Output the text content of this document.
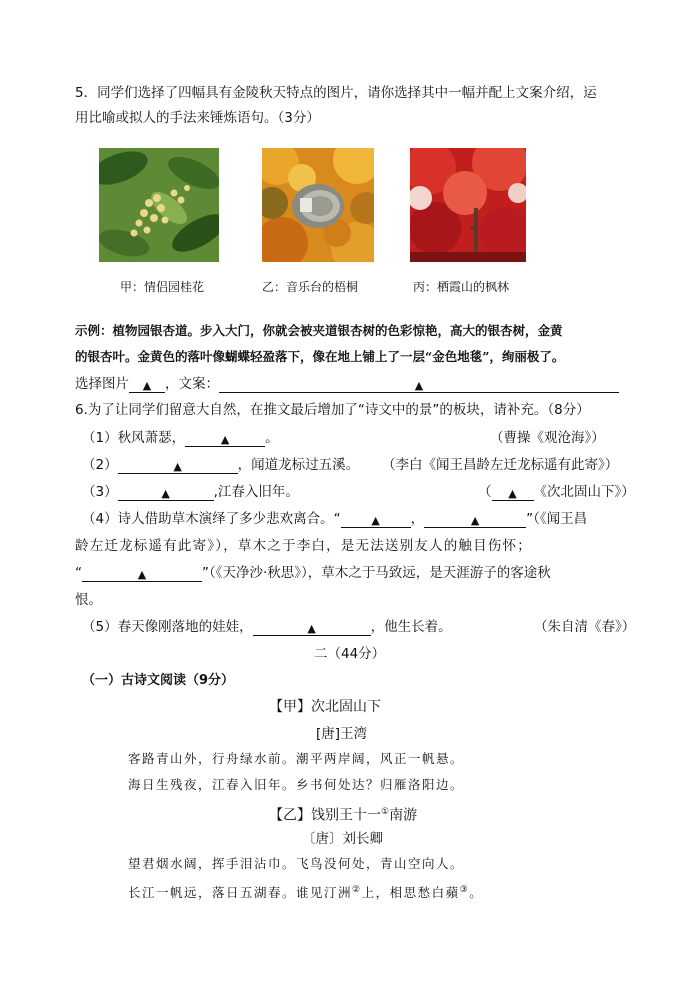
5．同学们选择了四幅具有金陵秋天特点的图片，请你选择其中一幅并配上文案介绍，运
用比喻或拟人的手法来锤炼语句。（3分）
甲：情侣园桂花	乙：音乐台的梧桐	丙：栖霞山的枫林
示例：植物园银杏道。步入大门，你就会被夹道银杏树的色彩惊艳，高大的银杏树，金黄
的银杏叶。金黄色的落叶像蝴蝶轻盈落下，像在地上铺上了一层“金色地毯”，绚丽极了。
选择图片 ▲ ，文案：	▲
6.为了让同学们留意大自然，在推文最后增加了“诗文中的景”的板块，请补充。（8分）
（1）秋风萧瑟，	▲	。	（曹操《观沧海》）
（2）	▲	，闻道龙标过五溪。 （李白《闻王昌龄左迁龙标遥有此寄》）
（3）	▲	,江春入旧年。	（ ▲ 《次北固山下》）
（4）诗人借助草木演绎了多少悲欢离合。“	▲ ，	▲	”（《闻王昌
龄左迁龙标遥有此寄》），草木之于李白，是无法送别友人的触目伤怀；
“	▲	”（《天净沙·秋思》），草木之于马致远，是天涯游子的客途秋
恨。
（5）春天像刚落地的娃娃，	▲	，他生长着。	（朱自清《春》）
二（44分）
（一）古诗文阅读（9分）
【甲】次北固山下
[唐]王湾
客路青山外，行舟绿水前。潮平两岸阔，风正一帆悬。
海日生残夜，江春入旧年。乡书何处达？归雁洛阳边。
【乙】饯别王十一①南游
〔唐〕刘长卿
望君烟水阔，挥手泪沾巾。飞鸟没何处，青山空向人。
长江一帆远，落日五湖春。谁见汀洲②上，相思愁白蘋③。
